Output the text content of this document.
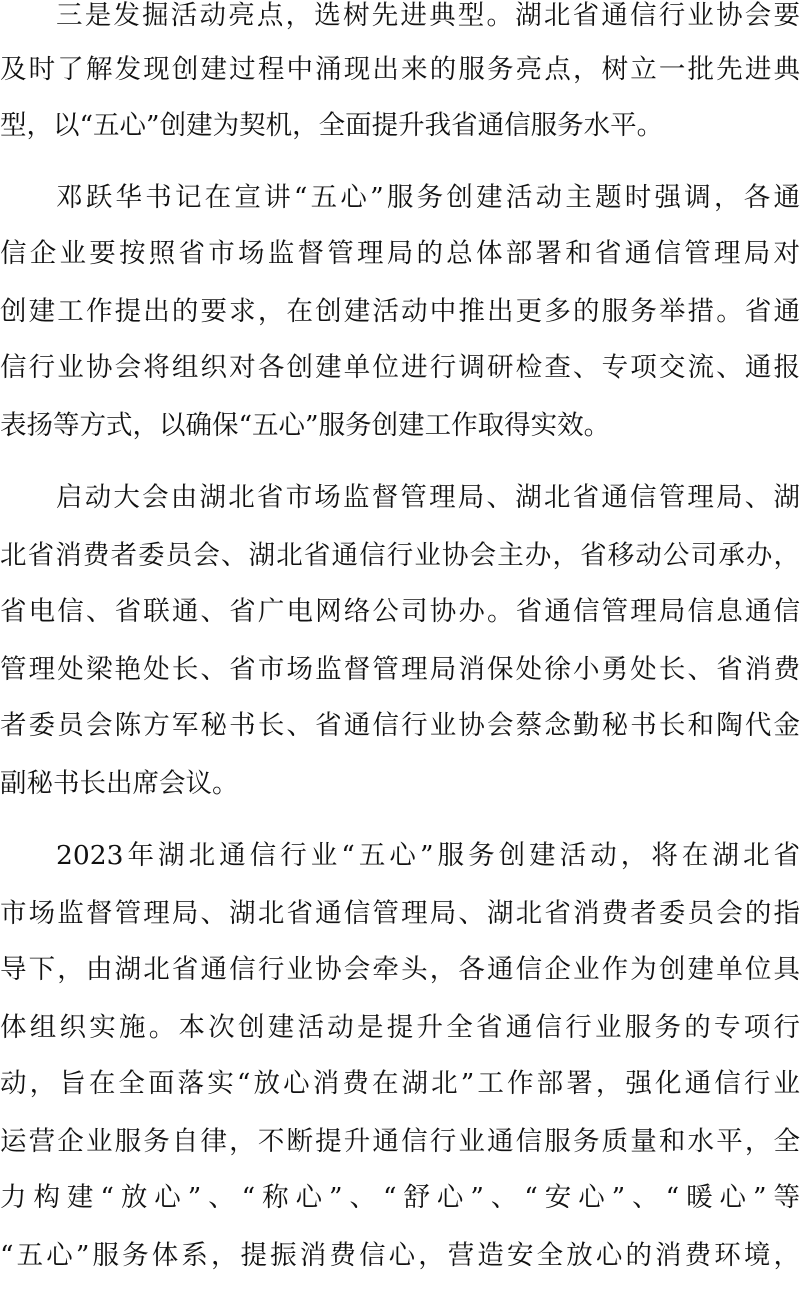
三是发掘活动亮点，选树先进典型。湖北省通信行业协会要
及时了解发现创建过程中涌现出来的服务亮点，树立一批先进典
型，以“五心”创建为契机，全面提升我省通信服务水平。
邓跃华书记在宣讲“五心”服务创建活动主题时强调，各通
信企业要按照省市场监督管理局的总体部署和省通信管理局对
创建工作提出的要求，在创建活动中推出更多的服务举措。省通
信行业协会将组织对各创建单位进行调研检查、专项交流、通报
表扬等方式，以确保“五心”服务创建工作取得实效。
启动大会由湖北省市场监督管理局、湖北省通信管理局、湖
北省消费者委员会、湖北省通信行业协会主办，省移动公司承办，
省电信、省联通、省广电网络公司协办。省通信管理局信息通信
管理处梁艳处长、省市场监督管理局消保处徐小勇处长、省消费
者委员会陈方军秘书长、省通信行业协会蔡念勤秘书长和陶代金
副秘书长出席会议。
2023年湖北通信行业“五心”服务创建活动，将在湖北省
市场监督管理局、湖北省通信管理局、湖北省消费者委员会的指
导下，由湖北省通信行业协会牵头，各通信企业作为创建单位具
体组织实施。本次创建活动是提升全省通信行业服务的专项行
动，旨在全面落实“放心消费在湖北”工作部署，强化通信行业
运营企业服务自律，不断提升通信行业通信服务质量和水平，全
力构建“放心”、“称心”、“舒心”、“安心”、“暖心”等
“五心”服务体系，提振消费信心，营造安全放心的消费环境，
